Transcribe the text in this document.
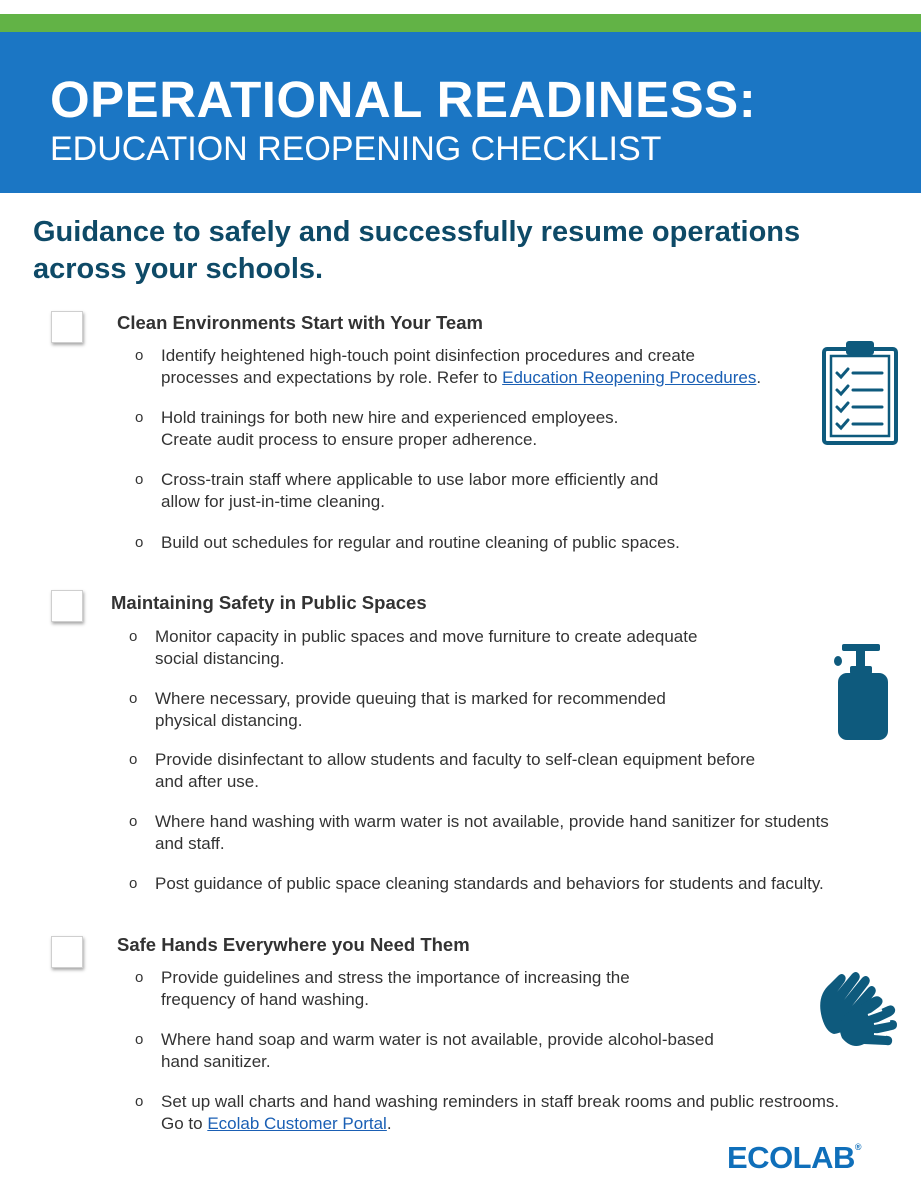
OPERATIONAL READINESS:
EDUCATION REOPENING CHECKLIST
Guidance to safely and successfully resume operations across your schools.
Clean Environments Start with Your Team
o Identify heightened high-touch point disinfection procedures and create
processes and expectations by role. Refer to Education Reopening Procedures.
o Hold trainings for both new hire and experienced employees.
Create audit process to ensure proper adherence.
o Cross-train staff where applicable to use labor more efficiently and
allow for just-in-time cleaning.
o Build out schedules for regular and routine cleaning of public spaces.
Maintaining Safety in Public Spaces
o Monitor capacity in public spaces and move furniture to create adequate
social distancing.
o Where necessary, provide queuing that is marked for recommended
physical distancing.
o Provide disinfectant to allow students and faculty to self-clean equipment before
and after use.
o Where hand washing with warm water is not available, provide hand sanitizer for students
and staff.
o Post guidance of public space cleaning standards and behaviors for students and faculty.
Safe Hands Everywhere you Need Them
o Provide guidelines and stress the importance of increasing the
frequency of hand washing.
o Where hand soap and warm water is not available, provide alcohol-based
hand sanitizer.
o Set up wall charts and hand washing reminders in staff break rooms and public restrooms.
Go to Ecolab Customer Portal.
ECOLAB®
